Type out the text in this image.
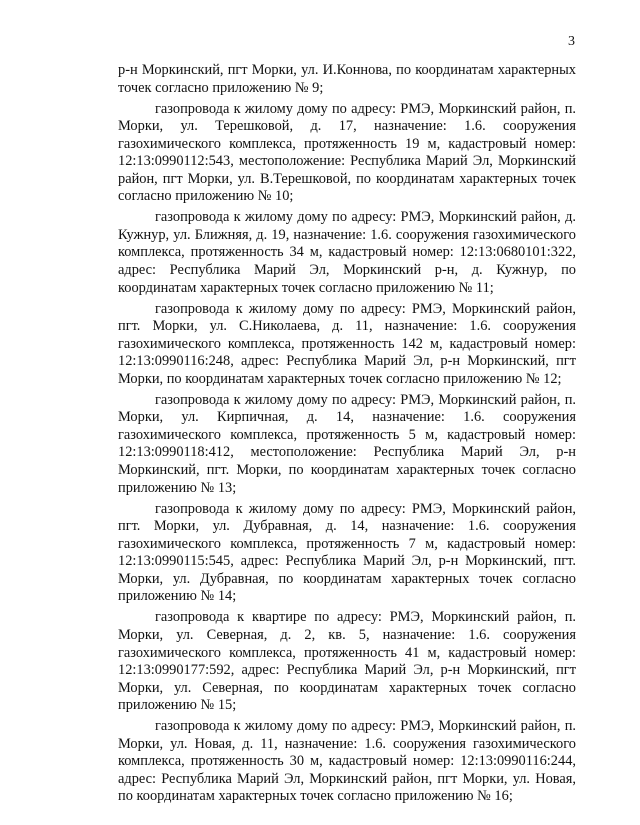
3

р-н Моркинский, пгт Морки, ул. И.Коннова, по координатам характерных точек согласно приложению № 9;

газопровода к жилому дому по адресу: РМЭ, Моркинский район, п. Морки, ул. Терешковой, д. 17, назначение: 1.6. сооружения газохимического комплекса, протяженность 19 м, кадастровый номер: 12:13:0990112:543, местоположение: Республика Марий Эл, Моркинский район, пгт Морки, ул. В.Терешковой, по координатам характерных точек согласно приложению № 10;

газопровода к жилому дому по адресу: РМЭ, Моркинский район, д. Кужнур, ул. Ближняя, д. 19, назначение: 1.6. сооружения газохимического комплекса, протяженность 34 м, кадастровый номер: 12:13:0680101:322, адрес: Республика Марий Эл, Моркинский р-н, д. Кужнур, по координатам характерных точек согласно приложению № 11;

газопровода к жилому дому по адресу: РМЭ, Моркинский район, пгт. Морки, ул. С.Николаева, д. 11, назначение: 1.6. сооружения газохимического комплекса, протяженность 142 м, кадастровый номер: 12:13:0990116:248, адрес: Республика Марий Эл, р-н Моркинский, пгт Морки, по координатам характерных точек согласно приложению № 12;

газопровода к жилому дому по адресу: РМЭ, Моркинский район, п. Морки, ул. Кирпичная, д. 14, назначение: 1.6. сооружения газохимического комплекса, протяженность 5 м, кадастровый номер: 12:13:0990118:412, местоположение: Республика Марий Эл, р-н Моркинский, пгт. Морки, по координатам характерных точек согласно приложению № 13;

газопровода к жилому дому по адресу: РМЭ, Моркинский район, пгт. Морки, ул. Дубравная, д. 14, назначение: 1.6. сооружения газохимического комплекса, протяженность 7 м, кадастровый номер: 12:13:0990115:545, адрес: Республика Марий Эл, р-н Моркинский, пгт. Морки, ул. Дубравная, по координатам характерных точек согласно приложению № 14;

газопровода к квартире по адресу: РМЭ, Моркинский район, п. Морки, ул. Северная, д. 2, кв. 5, назначение: 1.6. сооружения газохимического комплекса, протяженность 41 м, кадастровый номер: 12:13:0990177:592, адрес: Республика Марий Эл, р-н Моркинский, пгт Морки, ул. Северная, по координатам характерных точек согласно приложению № 15;

газопровода к жилому дому по адресу: РМЭ, Моркинский район, п. Морки, ул. Новая, д. 11, назначение: 1.6. сооружения газохимического комплекса, протяженность 30 м, кадастровый номер: 12:13:0990116:244, адрес: Республика Марий Эл, Моркинский район, пгт Морки, ул. Новая, по координатам характерных точек согласно приложению № 16;
